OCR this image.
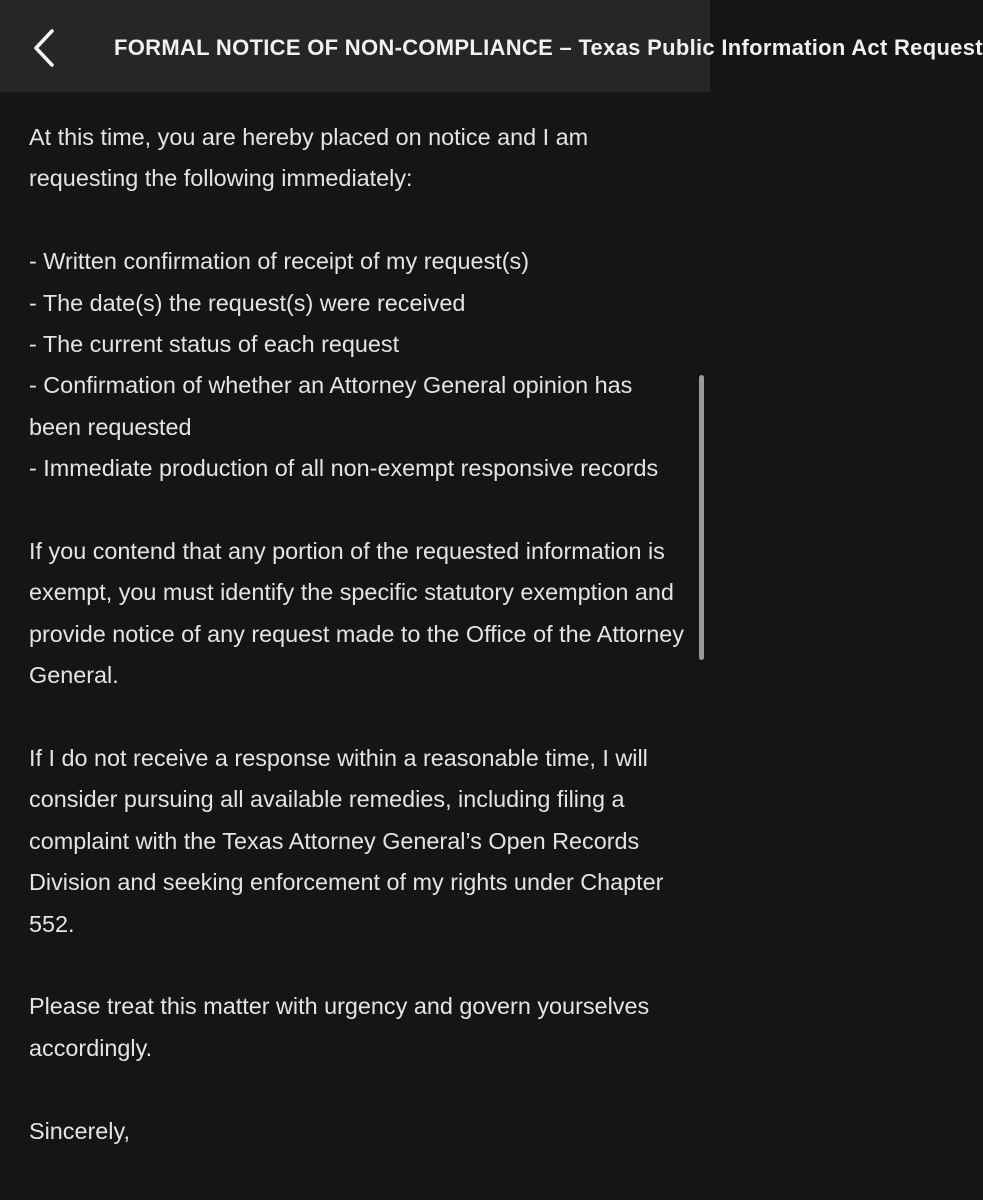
FORMAL NOTICE OF NON-COMPLIANCE – Texas Public Information Act Request

At this time, you are hereby placed on notice and I am requesting the following immediately:

- Written confirmation of receipt of my request(s)
- The date(s) the request(s) were received
- The current status of each request
- Confirmation of whether an Attorney General opinion has been requested
- Immediate production of all non-exempt responsive records

If you contend that any portion of the requested information is exempt, you must identify the specific statutory exemption and provide notice of any request made to the Office of the Attorney General.

If I do not receive a response within a reasonable time, I will consider pursuing all available remedies, including filing a complaint with the Texas Attorney General’s Open Records Division and seeking enforcement of my rights under Chapter 552.

Please treat this matter with urgency and govern yourselves accordingly.

Sincerely,
